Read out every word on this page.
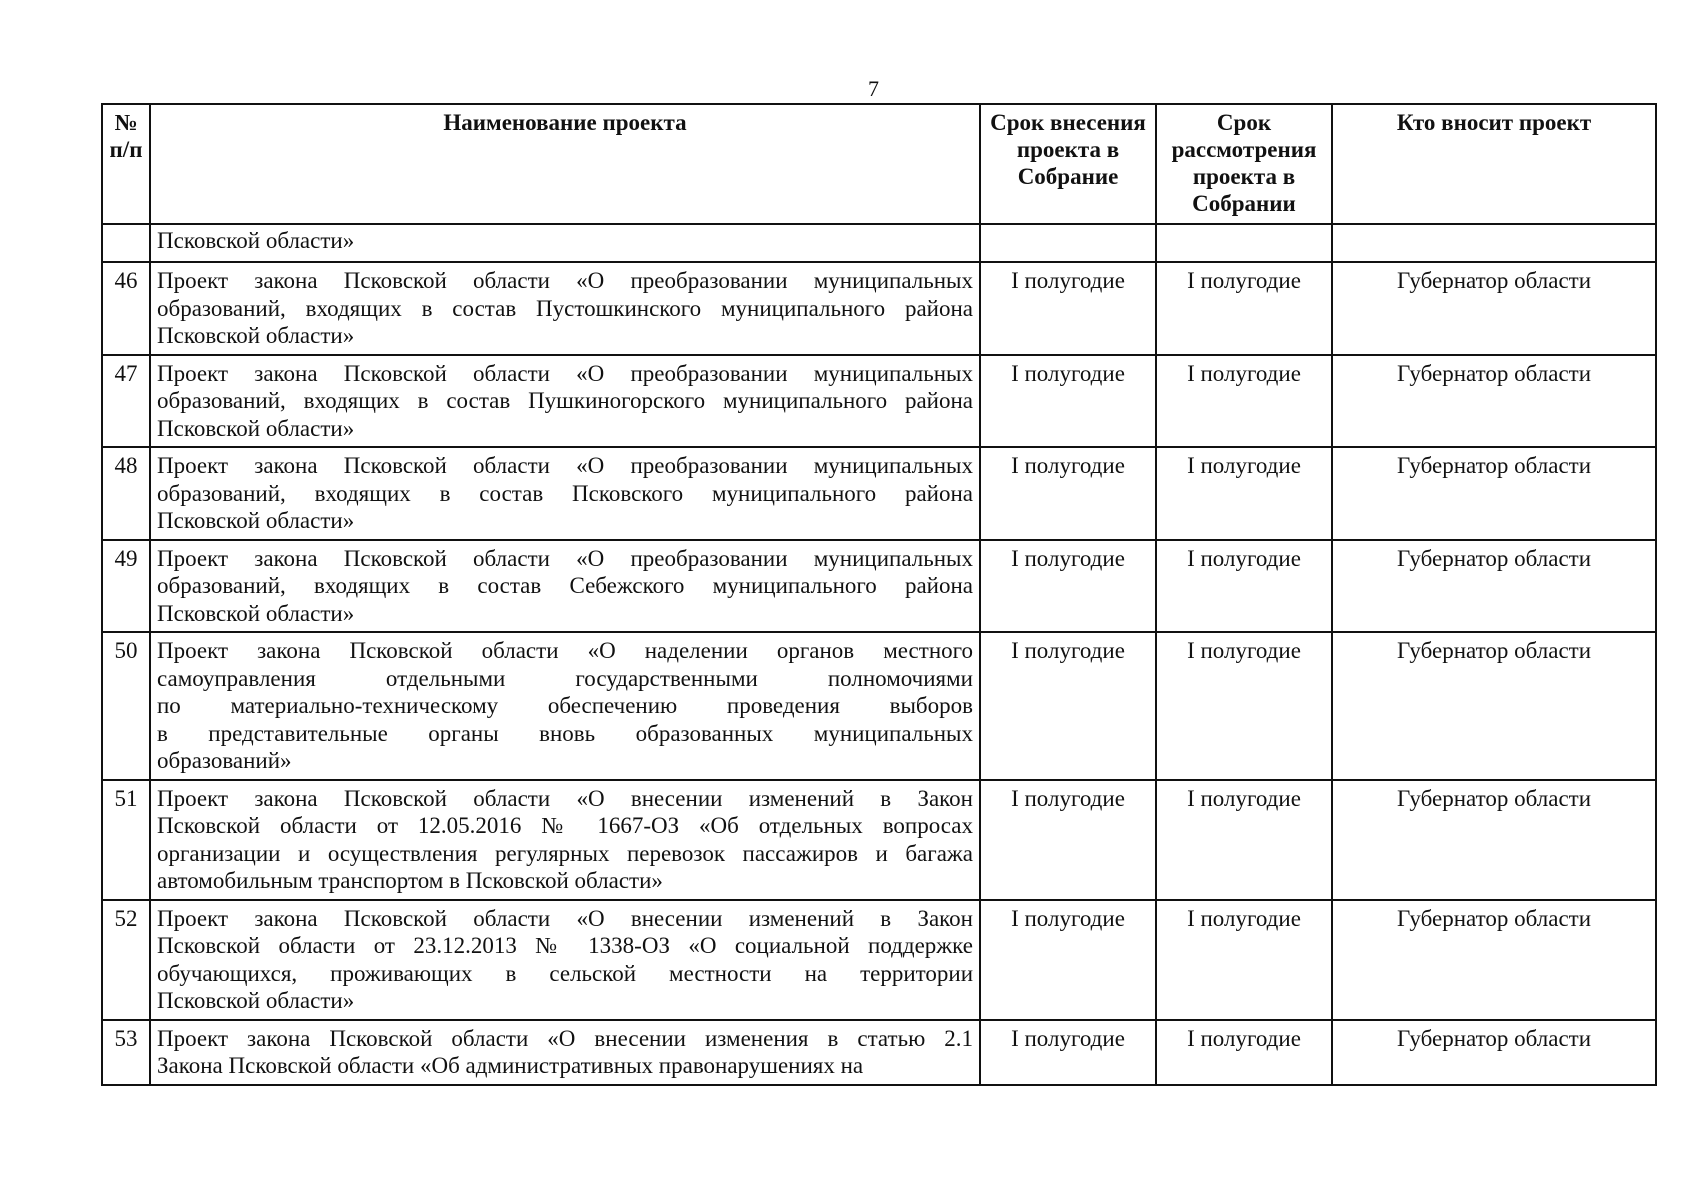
7
№ п/п	Наименование проекта	Срок внесения проекта в Собрание	Срок рассмотрения проекта в Собрании	Кто вносит проект
	Псковской области»			
46	Проект закона Псковской области «О преобразовании муниципальных
образований, входящих в состав Пустошкинского муниципального района
Псковской области»	I полугодие	I полугодие	Губернатор области
47	Проект закона Псковской области «О преобразовании муниципальных
образований, входящих в состав Пушкиногорского муниципального района
Псковской области»	I полугодие	I полугодие	Губернатор области
48	Проект закона Псковской области «О преобразовании муниципальных
образований, входящих в состав Псковского муниципального района
Псковской области»	I полугодие	I полугодие	Губернатор области
49	Проект закона Псковской области «О преобразовании муниципальных
образований, входящих в состав Себежского муниципального района
Псковской области»	I полугодие	I полугодие	Губернатор области
50	Проект закона Псковской области «О наделении органов местного
самоуправления отдельными государственными полномочиями
по материально-техническому обеспечению проведения выборов
в представительные органы вновь образованных муниципальных
образований»	I полугодие	I полугодие	Губернатор области
51	Проект закона Псковской области «О внесении изменений в Закон
Псковской области от 12.05.2016 № 1667-ОЗ «Об отдельных вопросах
организации и осуществления регулярных перевозок пассажиров и багажа
автомобильным транспортом в Псковской области»	I полугодие	I полугодие	Губернатор области
52	Проект закона Псковской области «О внесении изменений в Закон
Псковской области от 23.12.2013 № 1338-ОЗ «О социальной поддержке
обучающихся, проживающих в сельской местности на территории
Псковской области»	I полугодие	I полугодие	Губернатор области
53	Проект закона Псковской области «О внесении изменения в статью 2.1
Закона Псковской области «Об административных правонарушениях на	I полугодие	I полугодие	Губернатор области
